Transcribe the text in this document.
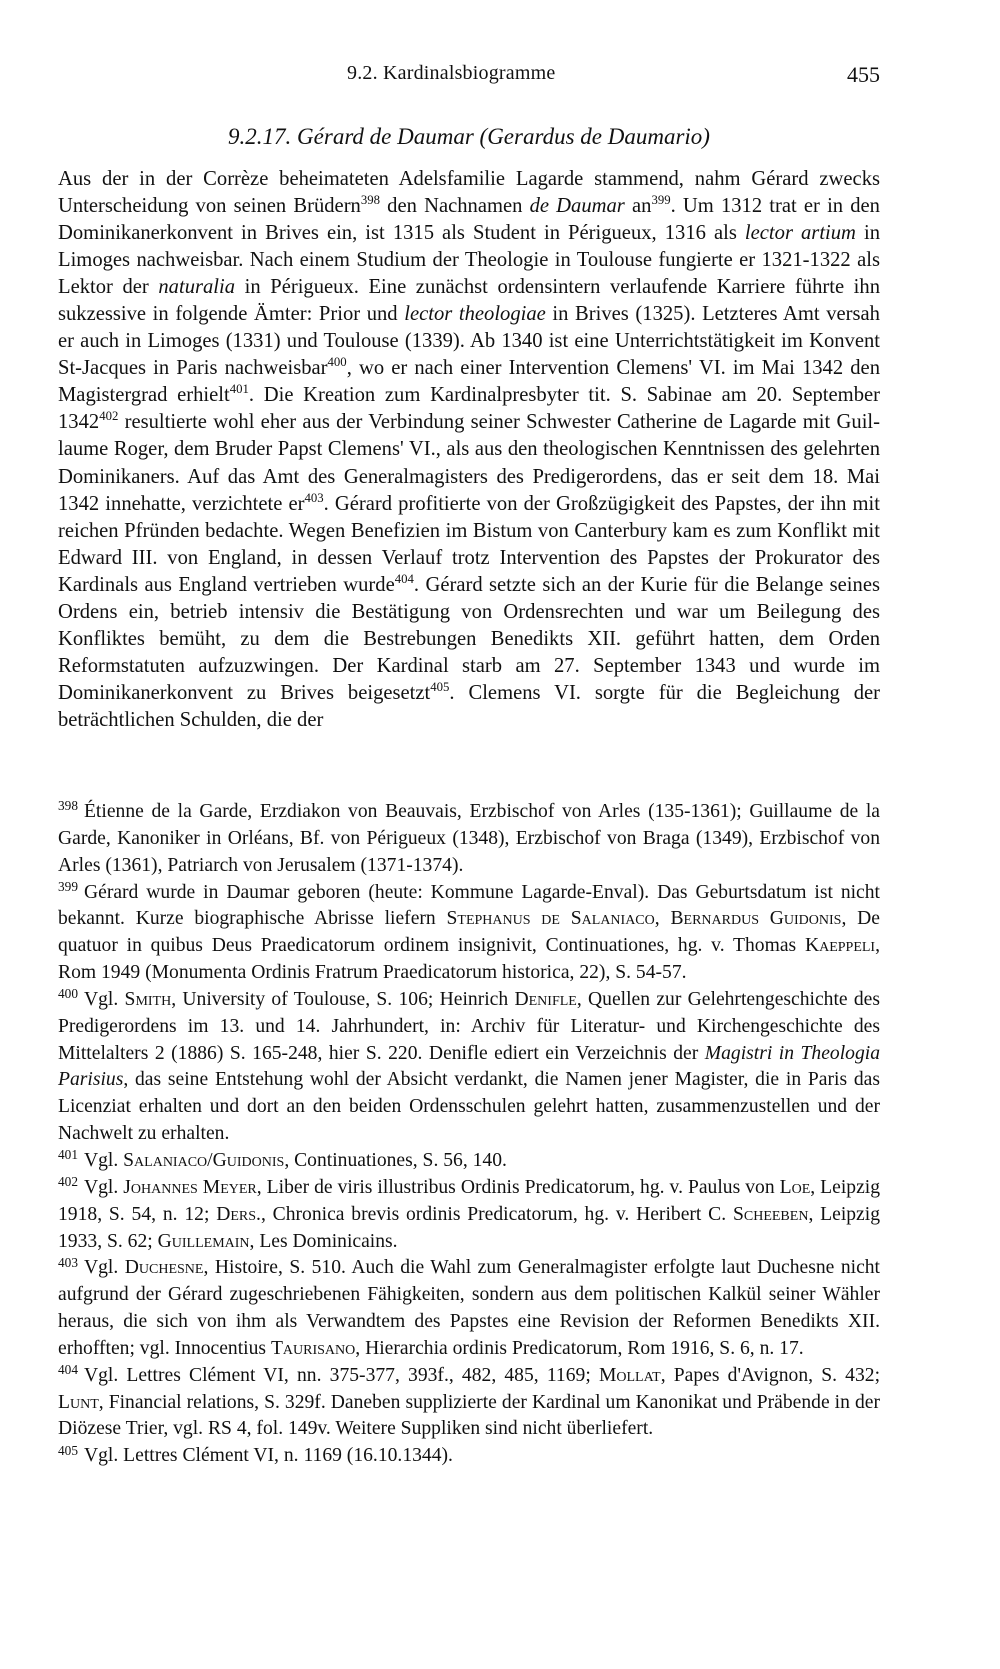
9.2. Kardinalsbiogramme	455
9.2.17. Gérard de Daumar (Gerardus de Daumario)

Aus der in der Corrèze beheimateten Adelsfamilie Lagarde stammend, nahm Gérard zwecks Unterscheidung von seinen Brüdern$^{398}$ den Nachnamen de Daumar $an^{399}$. Um 1312 trat er in den Dominikanerkonvent in Brives ein, ist 1315 als Student in Périgueux, 1316 als lector artium in Limoges nachweisbar. Nach einem Studium der Theologie in Toulouse fungierte er 1321-1322 als Lektor der naturalia in Périgueux. Eine zunächst ordensintern verlaufende Karriere führte ihn sukzessive in folgende Ämter: Prior und lector theologiae in Brives (1325). Letzteres Amt versah er auch in Limoges (1331) und Toulouse (1339). Ab 1340 ist eine Unterrichtstätigkeit im Konvent St-Jacques in Paris nachweisbar$^{400}$, wo er nach einer Intervention Clemens' VI. im Mai 1342 den Magistergrad erhielt$^{401}$. Die Kreation zum Kardinalpresbyter tit. S. Sabinae am 20. September 1342$^{402}$ resultierte wohl eher aus der Verbindung seiner Schwester Catherine de Lagarde mit Guillaume Roger, dem Bruder Papst Clemens' VI., als aus den theologischen Kenntnissen des gelehrten Dominikaners. Auf das Amt des Generalmagisters des Predigerordens, das er seit dem 18. Mai 1342 innehatte, verzichtete $er^{403}$. Gérard profitierte von der Großzügigkeit des Papstes, der ihn mit reichen Pfründen bedachte. Wegen Benefizien im Bistum von Canterbury kam es zum Konflikt mit Edward III. von England, in dessen Verlauf trotz Intervention des Papstes der Prokurator des Kardinals aus England vertrieben wurde$^{404}$. Gérard setzte sich an der Kurie für die Belange seines Ordens ein, betrieb intensiv die Bestätigung von Ordensrechten und war um Beilegung des Konfliktes bemüht, zu dem die Bestrebungen Benedikts XII. geführt hatten, dem Orden Reformstatuten aufzuzwingen. Der Kardinal starb am 27. September 1343 und wurde im Dominikanerkonvent zu Brives beigesetzt$^{405}$. Clemens VI. sorgte für die Begleichung der beträchtlichen Schulden, die der

$^{398}$ Étienne de la Garde, Erzdiakon von Beauvais, Erzbischof von Arles (135-1361); Guillaume de la Garde, Kanoniker in Orléans, Bf. von Périgueux (1348), Erzbischof von Braga (1349), Erzbischof von Arles (1361), Patriarch von Jerusalem (1371-1374).

$^{399}$ Gérard wurde in Daumar geboren (heute: Kommune Lagarde-Enval). Das Geburtsdatum ist nicht bekannt. Kurze biographische Abrisse liefern Stephanus de Salaniaco, Bernardus Guidonis, De quatuor in quibus Deus Praedicatorum ordinem insignivit, Continuationes, hg. v. Thomas Kaeppeli, Rom 1949 (Monumenta Ordinis Fratrum Praedicatorum historica, 22), S. 54-57.

$^{400}$ Vgl. Smith, University of Toulouse, S. 106; Heinrich Denifle, Quellen zur Gelehrtengeschichte des Predigerordens im 13. und 14. Jahrhundert, in: Archiv für Literatur- und Kirchengeschichte des Mittelalters 2 (1886) S. 165-248, hier S. 220. Denifle ediert ein Verzeichnis der Magistri in Theologia Parisius, das seine Entstehung wohl der Absicht verdankt, die Namen jener Magister, die in Paris das Licenziat erhalten und dort an den beiden Ordensschulen gelehrt hatten, zusammenzustellen und der Nachwelt zu erhalten.

$^{401}$ Vgl. Salaniaco/Guidonis, Continuationes, S. 56, 140.

$^{402}$ Vgl. Johannes Meyer, Liber de viris illustribus Ordinis Predicatorum, hg. v. Paulus von Loe, Leipzig 1918, S. 54, n. 12; Ders., Chronica brevis ordinis Predicatorum, hg. v. Heribert C. Scheeben, Leipzig 1933, S. 62; Guillemain, Les Dominicains.

$^{403}$ Vgl. Duchesne, Histoire, S. 510. Auch die Wahl zum Generalmagister erfolgte laut Duchesne nicht aufgrund der Gérard zugeschriebenen Fähigkeiten, sondern aus dem politischen Kalkül seiner Wähler heraus, die sich von ihm als Verwandtem des Papstes eine Revision der Reformen Benedikts XII. erhofften; vgl. Innocentius Taurisano, Hierarchia ordinis Predicatorum, Rom 1916, S. 6, n. 17.

$^{404}$ Vgl. Lettres Clément VI, nn. 375-377, 393f., 482, 485, 1169; Mollat, Papes d'Avignon, S. 432; Lunt, Financial relations, S. 329f. Daneben supplizierte der Kardinal um Kanonikat und Präbende in der Diözese Trier, vgl. RS 4, fol. 149v. Weitere Suppliken sind nicht überliefert.

$^{405}$ Vgl. Lettres Clément VI, n. 1169 (16.10.1344).
